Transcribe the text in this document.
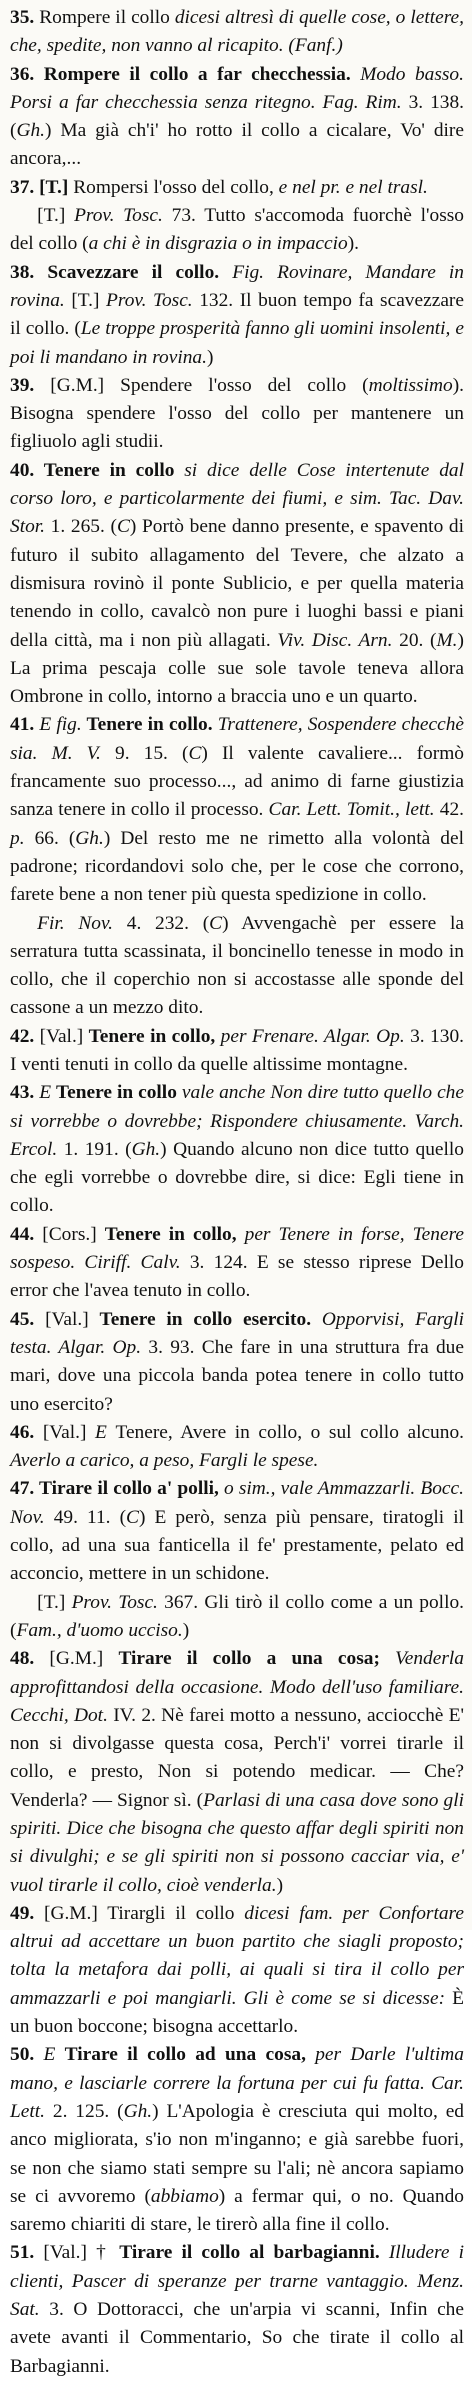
35. Rompere il collo dicesi altresì di quelle cose, o lettere, che, spedite, non vanno al ricapito. (Fanf.)

36. Rompere il collo a far checchessia. Modo basso. Porsi a far checchessia senza ritegno. Fag. Rim. 3. 138. (Gh.) Ma già ch'i' ho rotto il collo a cicalare, Vo' dire ancora,...

37. [T.] Rompersi l'osso del collo, e nel pr. e nel trasl.

[T.] Prov. Tosc. 73. Tutto s'accomoda fuorchè l'osso del collo (a chi è in disgrazia o in impaccio).

38. Scavezzare il collo. Fig. Rovinare, Mandare in rovina. [T.] Prov. Tosc. 132. Il buon tempo fa scavezzare il collo. (Le troppe prosperità fanno gli uomini insolenti, e poi li mandano in rovina.)

39. [G.M.] Spendere l'osso del collo (moltissimo). Bisogna spendere l'osso del collo per mantenere un figliuolo agli studii.

40. Tenere in collo si dice delle Cose intertenute dal corso loro, e particolarmente dei fiumi, e sim. Tac. Dav. Stor. 1. 265. (C) Portò bene danno presente, e spavento di futuro il subito allagamento del Tevere, che alzato a dismisura rovinò il ponte Sublicio, e per quella materia tenendo in collo, cavalcò non pure i luoghi bassi e piani della città, ma i non più allagati. Viv. Disc. Arn. 20. (M.) La prima pescaja colle sue sole tavole teneva allora Ombrone in collo, intorno a braccia uno e un quarto.

41. E fig. Tenere in collo. Trattenere, Sospendere checchè sia. M. V. 9. 15. (C) Il valente cavaliere... formò francamente suo processo..., ad animo di farne giustizia sanza tenere in collo il processo. Car. Lett. Tomit., lett. 42. p. 66. (Gh.) Del resto me ne rimetto alla volontà del padrone; ricordandovi solo che, per le cose che corrono, farete bene a non tener più questa spedizione in collo.

Fir. Nov. 4. 232. (C) Avvengachè per essere la serratura tutta scassinata, il boncinello tenesse in modo in collo, che il coperchio non si accostasse alle sponde del cassone a un mezzo dito.

42. [Val.] Tenere in collo, per Frenare. Algar. Op. 3. 130. I venti tenuti in collo da quelle altissime montagne.

43. E Tenere in collo vale anche Non dire tutto quello che si vorrebbe o dovrebbe; Rispondere chiusamente. Varch. Ercol. 1. 191. (Gh.) Quando alcuno non dice tutto quello che egli vorrebbe o dovrebbe dire, si dice: Egli tiene in collo.

44. [Cors.] Tenere in collo, per Tenere in forse, Tenere sospeso. Ciriff. Calv. 3. 124. E se stesso riprese Dello error che l'avea tenuto in collo.

45. [Val.] Tenere in collo esercito. Opporvisi, Fargli testa. Algar. Op. 3. 93. Che fare in una struttura fra due mari, dove una piccola banda potea tenere in collo tutto uno esercito?

46. [Val.] E Tenere, Avere in collo, o sul collo alcuno. Averlo a carico, a peso, Fargli le spese.

47. Tirare il collo a' polli, o sim., vale Ammazzarli. Bocc. Nov. 49. 11. (C) E però, senza più pensare, tiratogli il collo, ad una sua fanticella il fe' prestamente, pelato ed acconcio, mettere in un schidone.

[T.] Prov. Tosc. 367. Gli tirò il collo come a un pollo. (Fam., d'uomo ucciso.)

48. [G.M.] Tirare il collo a una cosa; Venderla approfittandosi della occasione. Modo dell'uso familiare. Cecchi, Dot. IV. 2. Nè farei motto a nessuno, acciocchè E' non si divolgasse questa cosa, Perch'i' vorrei tirarle il collo, e presto, Non si potendo medicar. — Che? Venderla? — Signor sì. (Parlasi di una casa dove sono gli spiriti. Dice che bisogna che questo affar degli spiriti non si divulghi; e se gli spiriti non si possono cacciar via, e' vuol tirarle il collo, cioè venderla.)

49. [G.M.] Tirargli il collo dicesi fam. per Confortare altrui ad accettare un buon partito che siagli proposto; tolta la metafora dai polli, ai quali si tira il collo per ammazzarli e poi mangiarli. Gli è come se si dicesse: È un buon boccone; bisogna accettarlo.

50. E Tirare il collo ad una cosa, per Darle l'ultima mano, e lasciarle correre la fortuna per cui fu fatta. Car. Lett. 2. 125. (Gh.) L'Apologia è cresciuta qui molto, ed anco migliorata, s'io non m'inganno; e già sarebbe fuori, se non che siamo stati sempre su l'ali; nè ancora sapiamo se ci avvoremo (abbiamo) a fermar qui, o no. Quando saremo chiariti di stare, le tirerò alla fine il collo.

51. [Val.] † Tirare il collo al barbagianni. Illudere i clienti, Pascer di speranze per trarne vantaggio. Menz. Sat. 3. O Dottoracci, che un'arpia vi scanni, Infin che avete avanti il Commentario, So che tirate il collo al Barbagianni.
